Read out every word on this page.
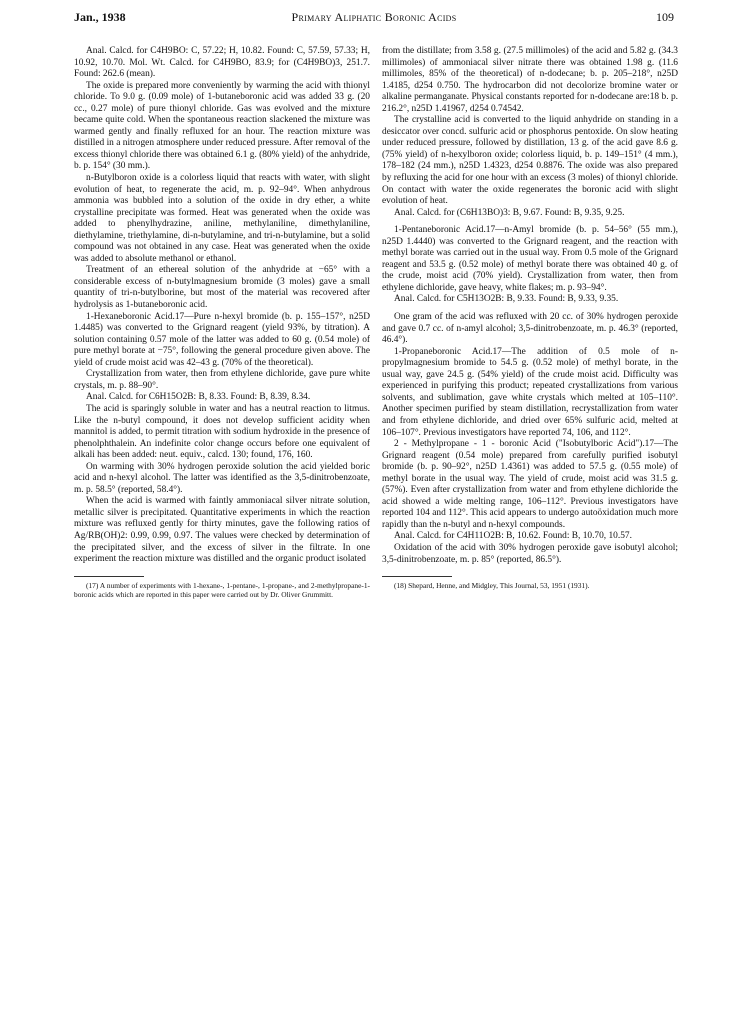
Jan., 1938	Primary Aliphatic Boronic Acids	109

Anal. Calcd. for C4H9BO: C, 57.22; H, 10.82. Found: C, 57.59, 57.33; H, 10.92, 10.70. Mol. Wt. Calcd. for C4H9BO, 83.9; for (C4H9BO)3, 251.7. Found: 262.6 (mean).

The oxide is prepared more conveniently by warming the acid with thionyl chloride. To 9.0 g. (0.09 mole) of 1-butaneboronic acid was added 33 g. (20 cc., 0.27 mole) of pure thionyl chloride. Gas was evolved and the mixture became quite cold. When the spontaneous reaction slackened the mixture was warmed gently and finally refluxed for an hour. The reaction mixture was distilled in a nitrogen atmosphere under reduced pressure. After removal of the excess thionyl chloride there was obtained 6.1 g. (80% yield) of the anhydride, b. p. 154° (30 mm.).

n-Butylboron oxide is a colorless liquid that reacts with water, with slight evolution of heat, to regenerate the acid, m. p. 92–94°. When anhydrous ammonia was bubbled into a solution of the oxide in dry ether, a white crystalline precipitate was formed. Heat was generated when the oxide was added to phenylhydrazine, aniline, methylaniline, dimethylaniline, diethylamine, triethylamine, di-n-butylamine, and tri-n-butylamine, but a solid compound was not obtained in any case. Heat was generated when the oxide was added to absolute methanol or ethanol.

Treatment of an ethereal solution of the anhydride at −65° with a considerable excess of n-butylmagnesium bromide (3 moles) gave a small quantity of tri-n-butylborine, but most of the material was recovered after hydrolysis as 1-butaneboronic acid.

1-Hexaneboronic Acid.17—Pure n-hexyl bromide (b. p. 155–157°, n25D 1.4485) was converted to the Grignard reagent (yield 93%, by titration). A solution containing 0.57 mole of the latter was added to 60 g. (0.54 mole) of pure methyl borate at −75°, following the general procedure given above. The yield of crude moist acid was 42–43 g. (70% of the theoretical).

Crystallization from water, then from ethylene dichloride, gave pure white crystals, m. p. 88–90°.

Anal. Calcd. for C6H15O2B: B, 8.33. Found: B, 8.39, 8.34.

The acid is sparingly soluble in water and has a neutral reaction to litmus. Like the n-butyl compound, it does not develop sufficient acidity when mannitol is added, to permit titration with sodium hydroxide in the presence of phenolphthalein. An indefinite color change occurs before one equivalent of alkali has been added: neut. equiv., calcd. 130; found, 176, 160.

On warming with 30% hydrogen peroxide solution the acid yielded boric acid and n-hexyl alcohol. The latter was identified as the 3,5-dinitrobenzoate, m. p. 58.5° (reported, 58.4°).

When the acid is warmed with faintly ammoniacal silver nitrate solution, metallic silver is precipitated. Quantitative experiments in which the reaction mixture was refluxed gently for thirty minutes, gave the following ratios of Ag/RB(OH)2: 0.99, 0.99, 0.97. The values were checked by determination of the precipitated silver, and the excess of silver in the filtrate. In one experiment the reaction mixture was distilled and the organic product isolated

(17) A number of experiments with 1-hexane-, 1-pentane-, 1-propane-, and 2-methylpropane-1-boronic acids which are reported in this paper were carried out by Dr. Oliver Grummitt.

from the distillate; from 3.58 g. (27.5 millimoles) of the acid and 5.82 g. (34.3 millimoles) of ammoniacal silver nitrate there was obtained 1.98 g. (11.6 millimoles, 85% of the theoretical) of n-dodecane; b. p. 205–218°, n25D 1.4185, d254 0.750. The hydrocarbon did not decolorize bromine water or alkaline permanganate. Physical constants reported for n-dodecane are:18 b. p. 216.2°, n25D 1.41967, d254 0.74542.

The crystalline acid is converted to the liquid anhydride on standing in a desiccator over concd. sulfuric acid or phosphorus pentoxide. On slow heating under reduced pressure, followed by distillation, 13 g. of the acid gave 8.6 g. (75% yield) of n-hexylboron oxide; colorless liquid, b. p. 149–151° (4 mm.), 178–182 (24 mm.), n25D 1.4323, d254 0.8876. The oxide was also prepared by refluxing the acid for one hour with an excess (3 moles) of thionyl chloride. On contact with water the oxide regenerates the boronic acid with slight evolution of heat.

Anal. Calcd. for (C6H13BO)3: B, 9.67. Found: B, 9.35, 9.25.

1-Pentaneboronic Acid.17—n-Amyl bromide (b. p. 54–56° (55 mm.), n25D 1.4440) was converted to the Grignard reagent, and the reaction with methyl borate was carried out in the usual way. From 0.5 mole of the Grignard reagent and 53.5 g. (0.52 mole) of methyl borate there was obtained 40 g. of the crude, moist acid (70% yield). Crystallization from water, then from ethylene dichloride, gave heavy, white flakes; m. p. 93–94°.

Anal. Calcd. for C5H13O2B: B, 9.33. Found: B, 9.33, 9.35.

One gram of the acid was refluxed with 20 cc. of 30% hydrogen peroxide and gave 0.7 cc. of n-amyl alcohol; 3,5-dinitrobenzoate, m. p. 46.3° (reported, 46.4°).

1-Propaneboronic Acid.17—The addition of 0.5 mole of n-propylmagnesium bromide to 54.5 g. (0.52 mole) of methyl borate, in the usual way, gave 24.5 g. (54% yield) of the crude moist acid. Difficulty was experienced in purifying this product; repeated crystallizations from various solvents, and sublimation, gave white crystals which melted at 105–110°. Another specimen purified by steam distillation, recrystallization from water and from ethylene dichloride, and dried over 65% sulfuric acid, melted at 106–107°. Previous investigators have reported 74, 106, and 112°.

2 - Methylpropane - 1 - boronic Acid ("Isobutylboric Acid").17—The Grignard reagent (0.54 mole) prepared from carefully purified isobutyl bromide (b. p. 90–92°, n25D 1.4361) was added to 57.5 g. (0.55 mole) of methyl borate in the usual way. The yield of crude, moist acid was 31.5 g. (57%). Even after crystallization from water and from ethylene dichloride the acid showed a wide melting range, 106–112°. Previous investigators have reported 104 and 112°. This acid appears to undergo autoöxidation much more rapidly than the n-butyl and n-hexyl compounds.

Anal. Calcd. for C4H11O2B: B, 10.62. Found: B, 10.70, 10.57.

Oxidation of the acid with 30% hydrogen peroxide gave isobutyl alcohol; 3,5-dinitrobenzoate, m. p. 85° (reported, 86.5°).

(18) Shepard, Henne, and Midgley, This Journal, 53, 1951 (1931).
